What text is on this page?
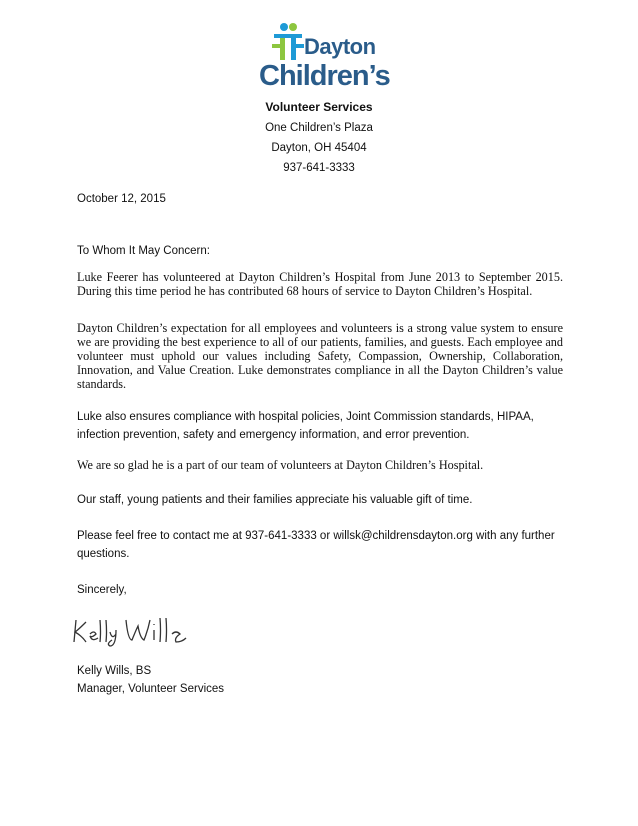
Dayton
Children’s
Volunteer Services
One Children’s Plaza
Dayton, OH 45404
937-641-3333
October 12, 2015
To Whom It May Concern:
Luke Feerer has volunteered at Dayton Children’s Hospital from June 2013 to September 2015. During this time period he has contributed 68 hours of service to Dayton Children’s Hospital.
Dayton Children’s expectation for all employees and volunteers is a strong value system to ensure we are providing the best experience to all of our patients, families, and guests. Each employee and volunteer must uphold our values including Safety, Compassion, Ownership, Collaboration, Innovation, and Value Creation. Luke demonstrates compliance in all the Dayton Children’s value standards.
Luke also ensures compliance with hospital policies, Joint Commission standards, HIPAA, infection prevention, safety and emergency information, and error prevention.
We are so glad he is a part of our team of volunteers at Dayton Children’s Hospital.
Our staff, young patients and their families appreciate his valuable gift of time.
Please feel free to contact me at 937-641-3333 or willsk@childrensdayton.org with any further questions.
Sincerely,
Kelly Wills, BS
Manager, Volunteer Services
